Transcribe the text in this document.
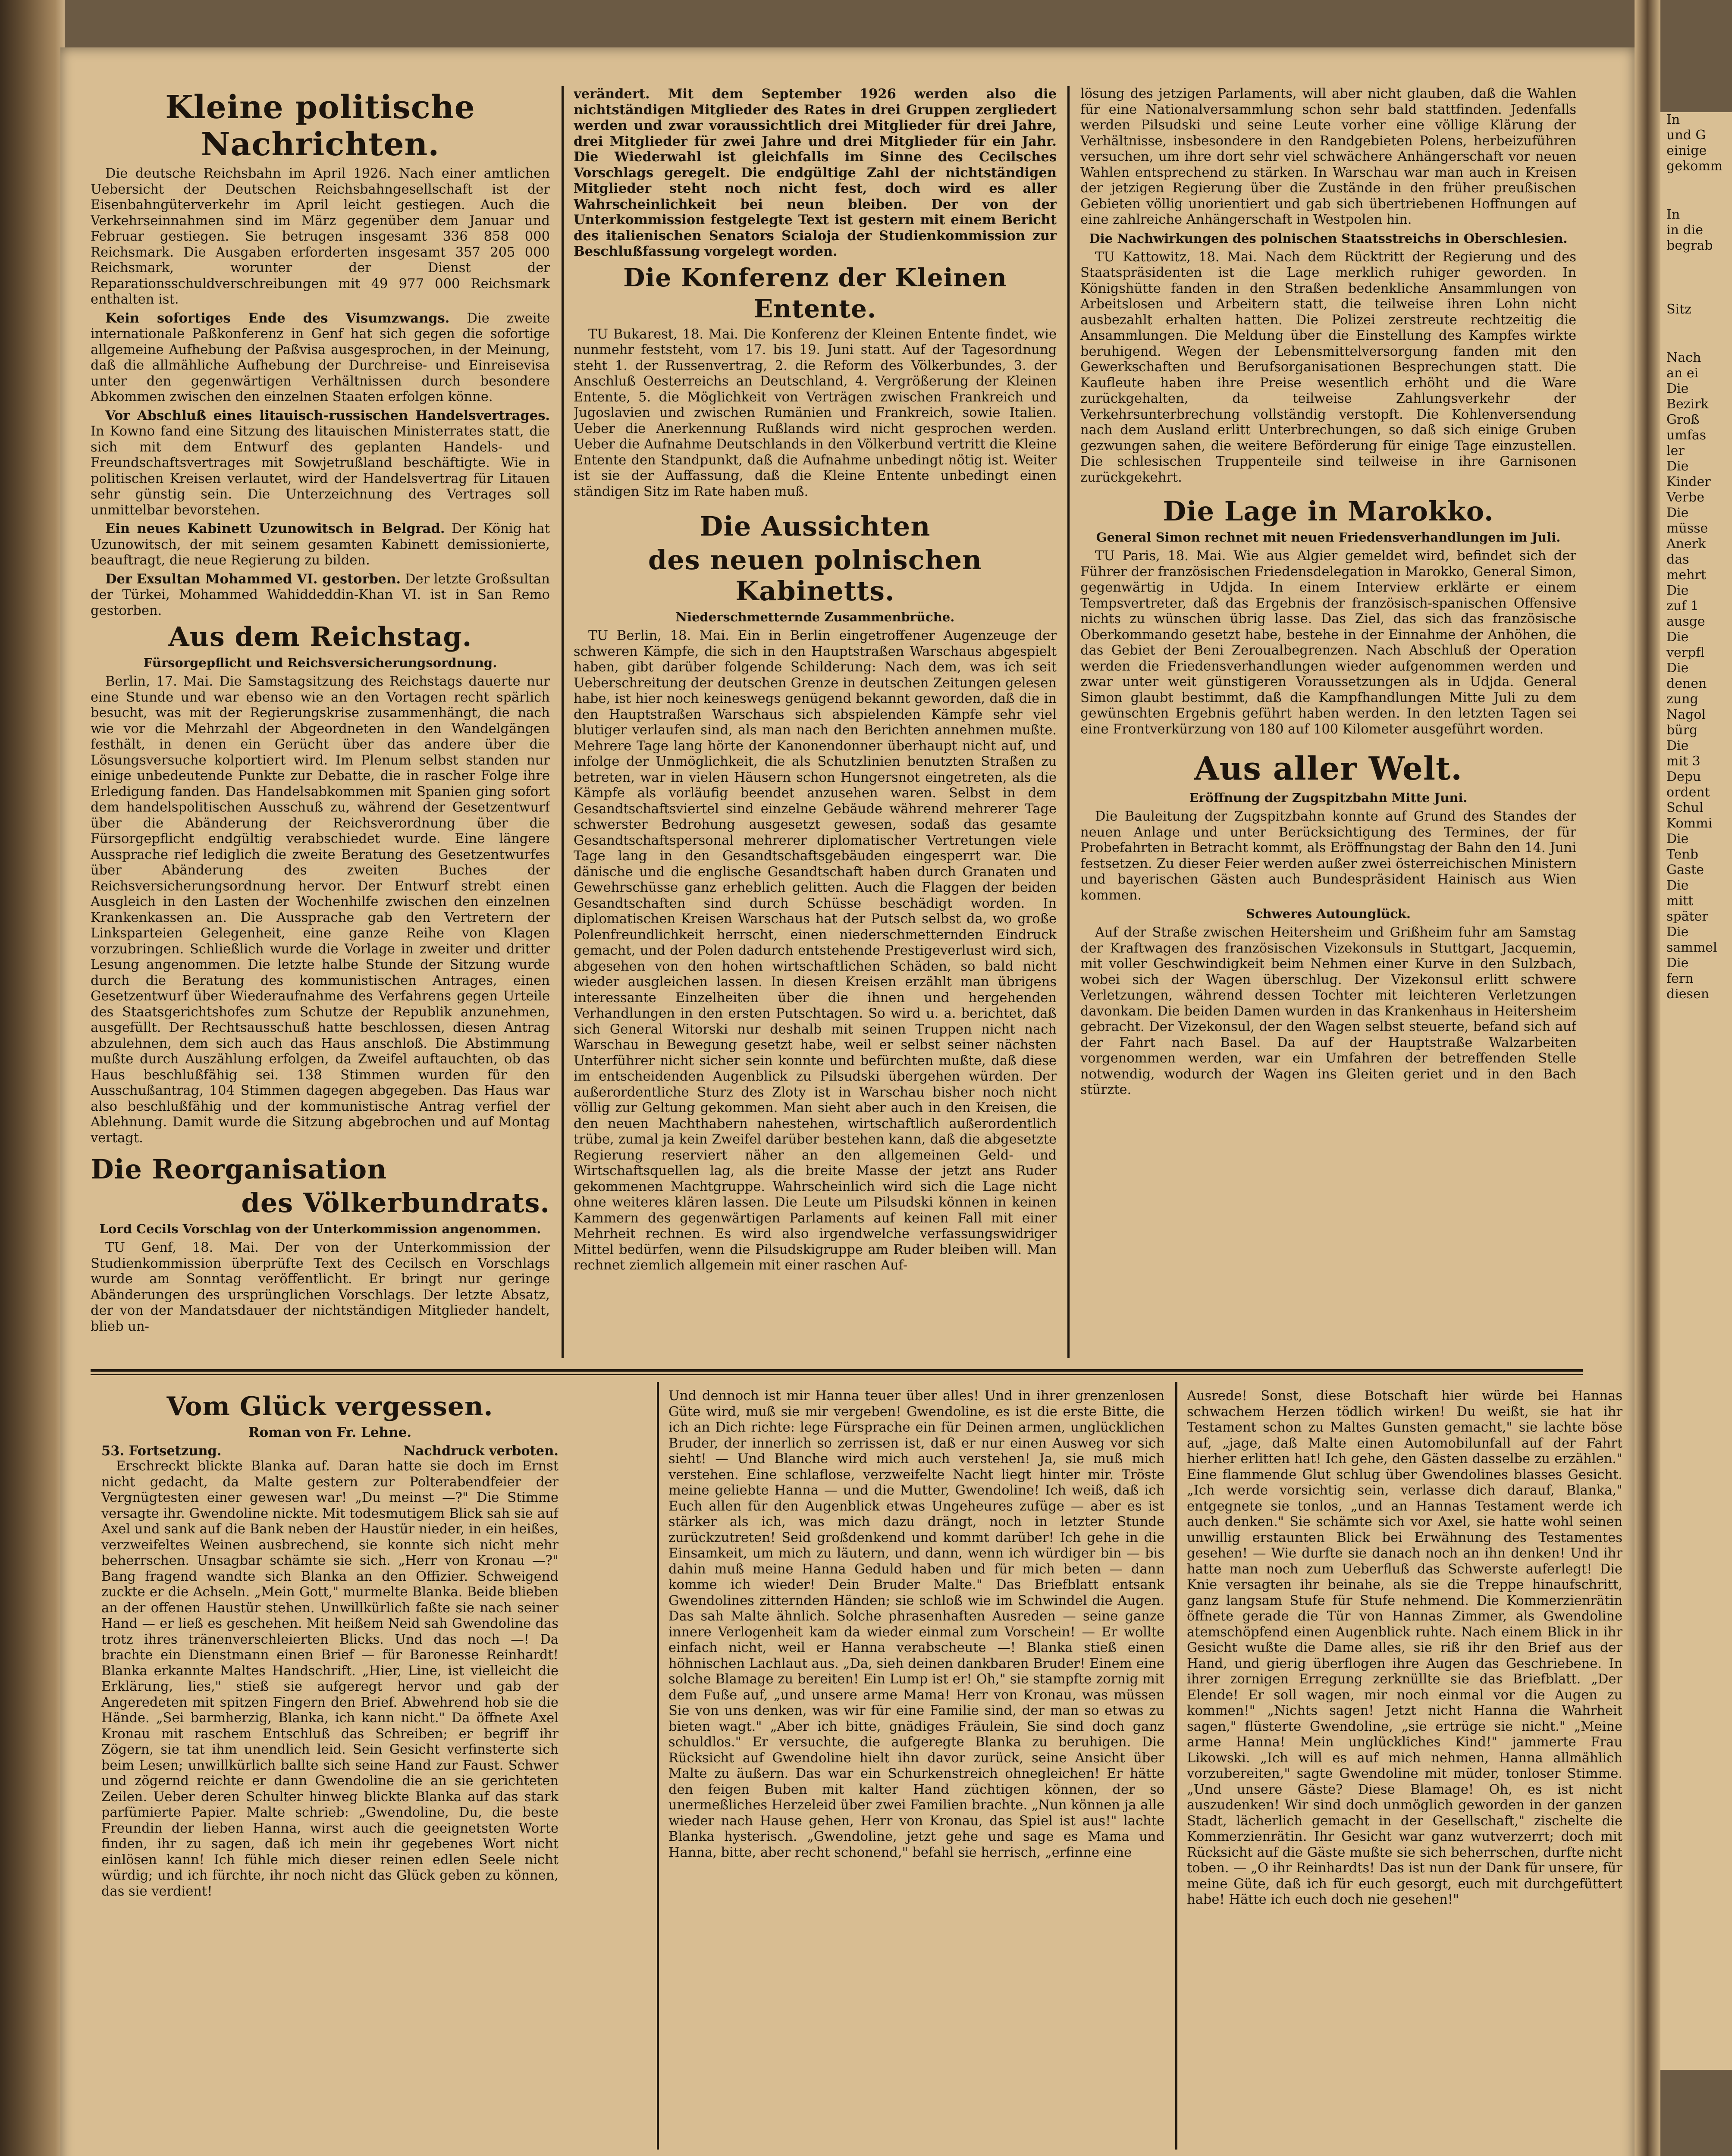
Kleine politische Nachrichten.

Die deutsche Reichsbahn im April 1926. Nach einer amtlichen Uebersicht der Deutschen Reichsbahngesellschaft ist der Eisenbahngüterverkehr im April leicht gestiegen. Auch die Verkehrseinnahmen sind im März gegenüber dem Januar und Februar gestiegen. Sie betrugen insgesamt 336 858 000 Reichsmark. Die Ausgaben erforderten insgesamt 357 205 000 Reichsmark, worunter der Dienst der Reparationsschuldverschreibungen mit 49 977 000 Reichsmark enthalten ist.

Kein sofortiges Ende des Visumzwangs. Die zweite internationale Paßkonferenz in Genf hat sich gegen die sofortige allgemeine Aufhebung der Paßvisa ausgesprochen, in der Meinung, daß die allmähliche Aufhebung der Durchreise- und Einreisevisa unter den gegenwärtigen Verhältnissen durch besondere Abkommen zwischen den einzelnen Staaten erfolgen könne.

Vor Abschluß eines litauisch-russischen Handelsvertrages. In Kowno fand eine Sitzung des litauischen Ministerrates statt, die sich mit dem Entwurf des geplanten Handels- und Freundschaftsvertrages mit Sowjetrußland beschäftigte. Wie in politischen Kreisen verlautet, wird der Handelsvertrag für Litauen sehr günstig sein. Die Unterzeichnung des Vertrages soll unmittelbar bevorstehen.

Ein neues Kabinett Uzunowitsch in Belgrad. Der König hat Uzunowitsch, der mit seinem gesamten Kabinett demissionierte, beauftragt, die neue Regierung zu bilden.

Der Exsultan Mohammed VI. gestorben. Der letzte Großsultan der Türkei, Mohammed Wahiddeddin-Khan VI. ist in San Remo gestorben.

Aus dem Reichstag.
Fürsorgepflicht und Reichsversicherungsordnung.

Berlin, 17. Mai. Die Samstagsitzung des Reichstags dauerte nur eine Stunde und war ebenso wie an den Vortagen recht spärlich besucht, was mit der Regierungskrise zusammenhängt, die nach wie vor die Mehrzahl der Abgeordneten in den Wandelgängen festhält, in denen ein Gerücht über das andere über die Lösungsversuche kolportiert wird. Im Plenum selbst standen nur einige unbedeutende Punkte zur Debatte, die in rascher Folge ihre Erledigung fanden. Das Handelsabkommen mit Spanien ging sofort dem handelspolitischen Ausschuß zu, während der Gesetzentwurf über die Abänderung der Reichsverordnung über die Fürsorgepflicht endgültig verabschiedet wurde. Eine längere Aussprache rief lediglich die zweite Beratung des Gesetzentwurfes über Abänderung des zweiten Buches der Reichsversicherungsordnung hervor. Der Entwurf strebt einen Ausgleich in den Lasten der Wochenhilfe zwischen den einzelnen Krankenkassen an. Die Aussprache gab den Vertretern der Linksparteien Gelegenheit, eine ganze Reihe von Klagen vorzubringen. Schließlich wurde die Vorlage in zweiter und dritter Lesung angenommen. Die letzte halbe Stunde der Sitzung wurde durch die Beratung des kommunistischen Antrages, einen Gesetzentwurf über Wiederaufnahme des Verfahrens gegen Urteile des Staatsgerichtshofes zum Schutze der Republik anzunehmen, ausgefüllt. Der Rechtsausschuß hatte beschlossen, diesen Antrag abzulehnen, dem sich auch das Haus anschloß. Die Abstimmung mußte durch Auszählung erfolgen, da Zweifel auftauchten, ob das Haus beschlußfähig sei. 138 Stimmen wurden für den Ausschußantrag, 104 Stimmen dagegen abgegeben. Das Haus war also beschlußfähig und der kommunistische Antrag verfiel der Ablehnung. Damit wurde die Sitzung abgebrochen und auf Montag vertagt.

Die Reorganisation
des Völkerbundrats.
Lord Cecils Vorschlag von der Unterkommission angenommen.

TU Genf, 18. Mai. Der von der Unterkommission der Studienkommission überprüfte Text des Cecilsch en Vorschlags wurde am Sonntag veröffentlicht. Er bringt nur geringe Abänderungen des ursprünglichen Vorschlags. Der letzte Absatz, der von der Mandatsdauer der nichtständigen Mitglieder handelt, blieb un-

verändert. Mit dem September 1926 werden also die nichtständigen Mitglieder des Rates in drei Gruppen zergliedert werden und zwar voraussichtlich drei Mitglieder für drei Jahre, drei Mitglieder für zwei Jahre und drei Mitglieder für ein Jahr. Die Wiederwahl ist gleichfalls im Sinne des Cecilsches Vorschlags geregelt. Die endgültige Zahl der nichtständigen Mitglieder steht noch nicht fest, doch wird es aller Wahrscheinlichkeit bei neun bleiben. Der von der Unterkommission festgelegte Text ist gestern mit einem Bericht des italienischen Senators Scialoja der Studienkommission zur Beschlußfassung vorgelegt worden.

Die Konferenz der Kleinen Entente.

TU Bukarest, 18. Mai. Die Konferenz der Kleinen Entente findet, wie nunmehr feststeht, vom 17. bis 19. Juni statt. Auf der Tagesordnung steht 1. der Russenvertrag, 2. die Reform des Völkerbundes, 3. der Anschluß Oesterreichs an Deutschland, 4. Vergrößerung der Kleinen Entente, 5. die Möglichkeit von Verträgen zwischen Frankreich und Jugoslavien und zwischen Rumänien und Frankreich, sowie Italien. Ueber die Anerkennung Rußlands wird nicht gesprochen werden. Ueber die Aufnahme Deutschlands in den Völkerbund vertritt die Kleine Entente den Standpunkt, daß die Aufnahme unbedingt nötig ist. Weiter ist sie der Auffassung, daß die Kleine Entente unbedingt einen ständigen Sitz im Rate haben muß.

Die Aussichten
des neuen polnischen Kabinetts.
Niederschmetternde Zusammenbrüche.

TU Berlin, 18. Mai. Ein in Berlin eingetroffener Augenzeuge der schweren Kämpfe, die sich in den Hauptstraßen Warschaus abgespielt haben, gibt darüber folgende Schilderung: Nach dem, was ich seit Ueberschreitung der deutschen Grenze in deutschen Zeitungen gelesen habe, ist hier noch keineswegs genügend bekannt geworden, daß die in den Hauptstraßen Warschaus sich abspielenden Kämpfe sehr viel blutiger verlaufen sind, als man nach den Berichten annehmen mußte. Mehrere Tage lang hörte der Kanonendonner überhaupt nicht auf, und infolge der Unmöglichkeit, die als Schutzlinien benutzten Straßen zu betreten, war in vielen Häusern schon Hungersnot eingetreten, als die Kämpfe als vorläufig beendet anzusehen waren. Selbst in dem Gesandtschaftsviertel sind einzelne Gebäude während mehrerer Tage schwerster Bedrohung ausgesetzt gewesen, sodaß das gesamte Gesandtschaftspersonal mehrerer diplomatischer Vertretungen viele Tage lang in den Gesandtschaftsgebäuden eingesperrt war. Die dänische und die englische Gesandtschaft haben durch Granaten und Gewehrschüsse ganz erheblich gelitten. Auch die Flaggen der beiden Gesandtschaften sind durch Schüsse beschädigt worden. In diplomatischen Kreisen Warschaus hat der Putsch selbst da, wo große Polenfreundlichkeit herrscht, einen niederschmetternden Eindruck gemacht, und der Polen dadurch entstehende Prestigeverlust wird sich, abgesehen von den hohen wirtschaftlichen Schäden, so bald nicht wieder ausgleichen lassen. In diesen Kreisen erzählt man übrigens interessante Einzelheiten über die ihnen und hergehenden Verhandlungen in den ersten Putschtagen. So wird u. a. berichtet, daß sich General Witorski nur deshalb mit seinen Truppen nicht nach Warschau in Bewegung gesetzt habe, weil er selbst seiner nächsten Unterführer nicht sicher sein konnte und befürchten mußte, daß diese im entscheidenden Augenblick zu Pilsudski übergehen würden. Der außerordentliche Sturz des Zloty ist in Warschau bisher noch nicht völlig zur Geltung gekommen. Man sieht aber auch in den Kreisen, die den neuen Machthabern nahestehen, wirtschaftlich außerordentlich trübe, zumal ja kein Zweifel darüber bestehen kann, daß die abgesetzte Regierung reserviert näher an den allgemeinen Geld- und Wirtschaftsquellen lag, als die breite Masse der jetzt ans Ruder gekommenen Machtgruppe. Wahrscheinlich wird sich die Lage nicht ohne weiteres klären lassen. Die Leute um Pilsudski können in keinen Kammern des gegenwärtigen Parlaments auf keinen Fall mit einer Mehrheit rechnen. Es wird also irgendwelche verfassungswidriger Mittel bedürfen, wenn die Pilsudskigruppe am Ruder bleiben will. Man rechnet ziemlich allgemein mit einer raschen Auf-

lösung des jetzigen Parlaments, will aber nicht glauben, daß die Wahlen für eine Nationalversammlung schon sehr bald stattfinden. Jedenfalls werden Pilsudski und seine Leute vorher eine völlige Klärung der Verhältnisse, insbesondere in den Randgebieten Polens, herbeizuführen versuchen, um ihre dort sehr viel schwächere Anhängerschaft vor neuen Wahlen entsprechend zu stärken. In Warschau war man auch in Kreisen der jetzigen Regierung über die Zustände in den früher preußischen Gebieten völlig unorientiert und gab sich übertriebenen Hoffnungen auf eine zahlreiche Anhängerschaft in Westpolen hin.

Die Nachwirkungen des polnischen Staatsstreichs in Oberschlesien.

TU Kattowitz, 18. Mai. Nach dem Rücktritt der Regierung und des Staatspräsidenten ist die Lage merklich ruhiger geworden. In Königshütte fanden in den Straßen bedenkliche Ansammlungen von Arbeitslosen und Arbeitern statt, die teilweise ihren Lohn nicht ausbezahlt erhalten hatten. Die Polizei zerstreute rechtzeitig die Ansammlungen. Die Meldung über die Einstellung des Kampfes wirkte beruhigend. Wegen der Lebensmittelversorgung fanden mit den Gewerkschaften und Berufsorganisationen Besprechungen statt. Die Kaufleute haben ihre Preise wesentlich erhöht und die Ware zurückgehalten, da teilweise Zahlungsverkehr der Verkehrsunterbrechung vollständig verstopft. Die Kohlenversendung nach dem Ausland erlitt Unterbrechungen, so daß sich einige Gruben gezwungen sahen, die weitere Beförderung für einige Tage einzustellen. Die schlesischen Truppenteile sind teilweise in ihre Garnisonen zurückgekehrt.

Die Lage in Marokko.
General Simon rechnet mit neuen Friedensverhandlungen im Juli.

TU Paris, 18. Mai. Wie aus Algier gemeldet wird, befindet sich der Führer der französischen Friedensdelegation in Marokko, General Simon, gegenwärtig in Udjda. In einem Interview erklärte er einem Tempsvertreter, daß das Ergebnis der französisch-spanischen Offensive nichts zu wünschen übrig lasse. Das Ziel, das sich das französische Oberkommando gesetzt habe, bestehe in der Einnahme der Anhöhen, die das Gebiet der Beni Zeroualbegrenzen. Nach Abschluß der Operation werden die Friedensverhandlungen wieder aufgenommen werden und zwar unter weit günstigeren Voraussetzungen als in Udjda. General Simon glaubt bestimmt, daß die Kampfhandlungen Mitte Juli zu dem gewünschten Ergebnis geführt haben werden. In den letzten Tagen sei eine Frontverkürzung von 180 auf 100 Kilometer ausgeführt worden.

Aus aller Welt.
Eröffnung der Zugspitzbahn Mitte Juni.

Die Bauleitung der Zugspitzbahn konnte auf Grund des Standes der neuen Anlage und unter Berücksichtigung des Termines, der für Probefahrten in Betracht kommt, als Eröffnungstag der Bahn den 14. Juni festsetzen. Zu dieser Feier werden außer zwei österreichischen Ministern und bayerischen Gästen auch Bundespräsident Hainisch aus Wien kommen.

Schweres Autounglück.

Auf der Straße zwischen Heitersheim und Grißheim fuhr am Samstag der Kraftwagen des französischen Vizekonsuls in Stuttgart, Jacquemin, mit voller Geschwindigkeit beim Nehmen einer Kurve in den Sulzbach, wobei sich der Wagen überschlug. Der Vizekonsul erlitt schwere Verletzungen, während dessen Tochter mit leichteren Verletzungen davonkam. Die beiden Damen wurden in das Krankenhaus in Heitersheim gebracht. Der Vizekonsul, der den Wagen selbst steuerte, befand sich auf der Fahrt nach Basel. Da auf der Hauptstraße Walzarbeiten vorgenommen werden, war ein Umfahren der betreffenden Stelle notwendig, wodurch der Wagen ins Gleiten geriet und in den Bach stürzte.

Vom Glück vergessen.
Roman von Fr. Lehne.
53. Fortsetzung.	Nachdruck verboten.

Erschreckt blickte Blanka auf. Daran hatte sie doch im Ernst nicht gedacht, da Malte gestern zur Polterabendfeier der Vergnügtesten einer gewesen war! „Du meinst —?" Die Stimme versagte ihr. Gwendoline nickte. Mit todesmutigem Blick sah sie auf Axel und sank auf die Bank neben der Haustür nieder, in ein heißes, verzweifeltes Weinen ausbrechend, sie konnte sich nicht mehr beherrschen. Unsagbar schämte sie sich. „Herr von Kronau —?" Bang fragend wandte sich Blanka an den Offizier. Schweigend zuckte er die Achseln. „Mein Gott," murmelte Blanka. Beide blieben an der offenen Haustür stehen. Unwillkürlich faßte sie nach seiner Hand — er ließ es geschehen. Mit heißem Neid sah Gwendoline das trotz ihres tränenverschleierten Blicks. Und das noch —! Da brachte ein Dienstmann einen Brief — für Baronesse Reinhardt! Blanka erkannte Maltes Handschrift. „Hier, Line, ist vielleicht die Erklärung, lies," stieß sie aufgeregt hervor und gab der Angeredeten mit spitzen Fingern den Brief. Abwehrend hob sie die Hände. „Sei barmherzig, Blanka, ich kann nicht." Da öffnete Axel Kronau mit raschem Entschluß das Schreiben; er begriff ihr Zögern, sie tat ihm unendlich leid. Sein Gesicht verfinsterte sich beim Lesen; unwillkürlich ballte sich seine Hand zur Faust. Schwer und zögernd reichte er dann Gwendoline die an sie gerichteten Zeilen. Ueber deren Schulter hinweg blickte Blanka auf das stark parfümierte Papier. Malte schrieb: „Gwendoline, Du, die beste Freundin der lieben Hanna, wirst auch die geeignetsten Worte finden, ihr zu sagen, daß ich mein ihr gegebenes Wort nicht einlösen kann! Ich fühle mich dieser reinen edlen Seele nicht würdig; und ich fürchte, ihr noch nicht das Glück geben zu können, das sie verdient!

Und dennoch ist mir Hanna teuer über alles! Und in ihrer grenzenlosen Güte wird, muß sie mir vergeben! Gwendoline, es ist die erste Bitte, die ich an Dich richte: lege Fürsprache ein für Deinen armen, unglücklichen Bruder, der innerlich so zerrissen ist, daß er nur einen Ausweg vor sich sieht! — Und Blanche wird mich auch verstehen! Ja, sie muß mich verstehen. Eine schlaflose, verzweifelte Nacht liegt hinter mir. Tröste meine geliebte Hanna — und die Mutter, Gwendoline! Ich weiß, daß ich Euch allen für den Augenblick etwas Ungeheures zufüge — aber es ist stärker als ich, was mich dazu drängt, noch in letzter Stunde zurückzutreten! Seid großdenkend und kommt darüber! Ich gehe in die Einsamkeit, um mich zu läutern, und dann, wenn ich würdiger bin — bis dahin muß meine Hanna Geduld haben und für mich beten — dann komme ich wieder! Dein Bruder Malte." Das Briefblatt entsank Gwendolines zitternden Händen; sie schloß wie im Schwindel die Augen. Das sah Malte ähnlich. Solche phrasenhaften Ausreden — seine ganze innere Verlogenheit kam da wieder einmal zum Vorschein! — Er wollte einfach nicht, weil er Hanna verabscheute —! Blanka stieß einen höhnischen Lachlaut aus. „Da, sieh deinen dankbaren Bruder! Einem eine solche Blamage zu bereiten! Ein Lump ist er! Oh," sie stampfte zornig mit dem Fuße auf, „und unsere arme Mama! Herr von Kronau, was müssen Sie von uns denken, was wir für eine Familie sind, der man so etwas zu bieten wagt." „Aber ich bitte, gnädiges Fräulein, Sie sind doch ganz schuldlos." Er versuchte, die aufgeregte Blanka zu beruhigen. Die Rücksicht auf Gwendoline hielt ihn davor zurück, seine Ansicht über Malte zu äußern. Das war ein Schurkenstreich ohnegleichen! Er hätte den feigen Buben mit kalter Hand züchtigen können, der so unermeßliches Herzeleid über zwei Familien brachte. „Nun können ja alle wieder nach Hause gehen, Herr von Kronau, das Spiel ist aus!" lachte Blanka hysterisch. „Gwendoline, jetzt gehe und sage es Mama und Hanna, bitte, aber recht schonend," befahl sie herrisch, „erfinne eine

Ausrede! Sonst, diese Botschaft hier würde bei Hannas schwachem Herzen tödlich wirken! Du weißt, sie hat ihr Testament schon zu Maltes Gunsten gemacht," sie lachte böse auf, „jage, daß Malte einen Automobilunfall auf der Fahrt hierher erlitten hat! Ich gehe, den Gästen dasselbe zu erzählen." Eine flammende Glut schlug über Gwendolines blasses Gesicht. „Ich werde vorsichtig sein, verlasse dich darauf, Blanka," entgegnete sie tonlos, „und an Hannas Testament werde ich auch denken." Sie schämte sich vor Axel, sie hatte wohl seinen unwillig erstaunten Blick bei Erwähnung des Testamentes gesehen! — Wie durfte sie danach noch an ihn denken! Und ihr hatte man noch zum Ueberfluß das Schwerste auferlegt! Die Knie versagten ihr beinahe, als sie die Treppe hinaufschritt, ganz langsam Stufe für Stufe nehmend. Die Kommerzienrätin öffnete gerade die Tür von Hannas Zimmer, als Gwendoline atemschöpfend einen Augenblick ruhte. Nach einem Blick in ihr Gesicht wußte die Dame alles, sie riß ihr den Brief aus der Hand, und gierig überflogen ihre Augen das Geschriebene. In ihrer zornigen Erregung zerknüllte sie das Briefblatt. „Der Elende! Er soll wagen, mir noch einmal vor die Augen zu kommen!" „Nichts sagen! Jetzt nicht Hanna die Wahrheit sagen," flüsterte Gwendoline, „sie ertrüge sie nicht." „Meine arme Hanna! Mein unglückliches Kind!" jammerte Frau Likowski. „Ich will es auf mich nehmen, Hanna allmählich vorzubereiten," sagte Gwendoline mit müder, tonloser Stimme. „Und unsere Gäste? Diese Blamage! Oh, es ist nicht auszudenken! Wir sind doch unmöglich geworden in der ganzen Stadt, lächerlich gemacht in der Gesellschaft," zischelte die Kommerzienrätin. Ihr Gesicht war ganz wutverzerrt; doch mit Rücksicht auf die Gäste mußte sie sich beherrschen, durfte nicht toben. — „O ihr Reinhardts! Das ist nun der Dank für unsere, für meine Güte, daß ich für euch gesorgt, euch mit durchgefüttert habe! Hätte ich euch doch nie gesehen!"

In
und G
einige
gekomm
In
in die
begrab
Sitz
Nach
an ei
Die
Bezirk
Groß
umfas
ler
Die
Kinder
Verbe
Die
müsse
Anerk
das
mehrt
Die
zuf 1
ausge
Die
verpfl
Die
denen
zung
Nagol
bürg
Die
mit 3
Depu
ordent
Schul
Kommi
Die
Tenb
Gaste
Die
mitt
später
Die
sammel
Die
fern
diesen
